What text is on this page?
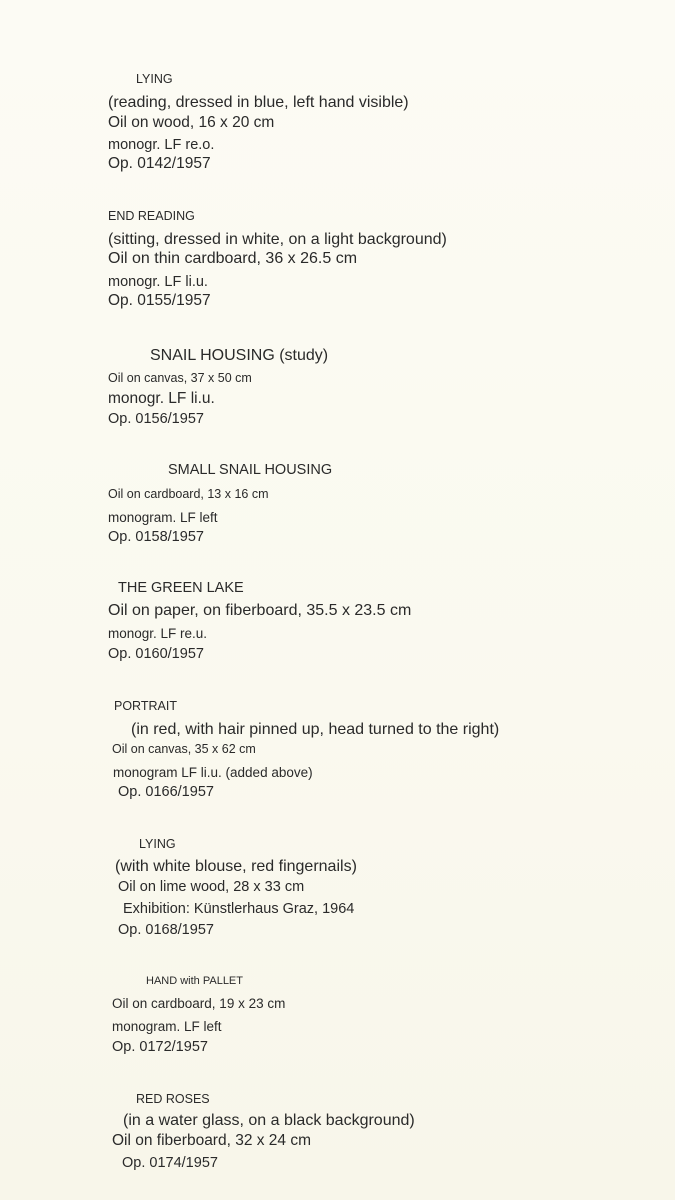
LYING
(reading, dressed in blue, left hand visible)
Oil on wood, 16 x 20 cm
monogr. LF re.o.
Op. 0142/1957
END READING
(sitting, dressed in white, on a light background)
Oil on thin cardboard, 36 x 26.5 cm
monogr. LF li.u.
Op. 0155/1957
SNAIL HOUSING (study)
Oil on canvas, 37 x 50 cm
monogr. LF li.u.
Op. 0156/1957
SMALL SNAIL HOUSING
Oil on cardboard, 13 x 16 cm
monogram. LF left
Op. 0158/1957
THE GREEN LAKE
Oil on paper, on fiberboard, 35.5 x 23.5 cm
monogr. LF re.u.
Op. 0160/1957
PORTRAIT
(in red, with hair pinned up, head turned to the right)
Oil on canvas, 35 x 62 cm
monogram LF li.u. (added above)
Op. 0166/1957
LYING
(with white blouse, red fingernails)
Oil on lime wood, 28 x 33 cm
Exhibition: Künstlerhaus Graz, 1964
Op. 0168/1957
HAND with PALLET
Oil on cardboard, 19 x 23 cm
monogram. LF left
Op. 0172/1957
RED ROSES
(in a water glass, on a black background)
Oil on fiberboard, 32 x 24 cm
Op. 0174/1957
